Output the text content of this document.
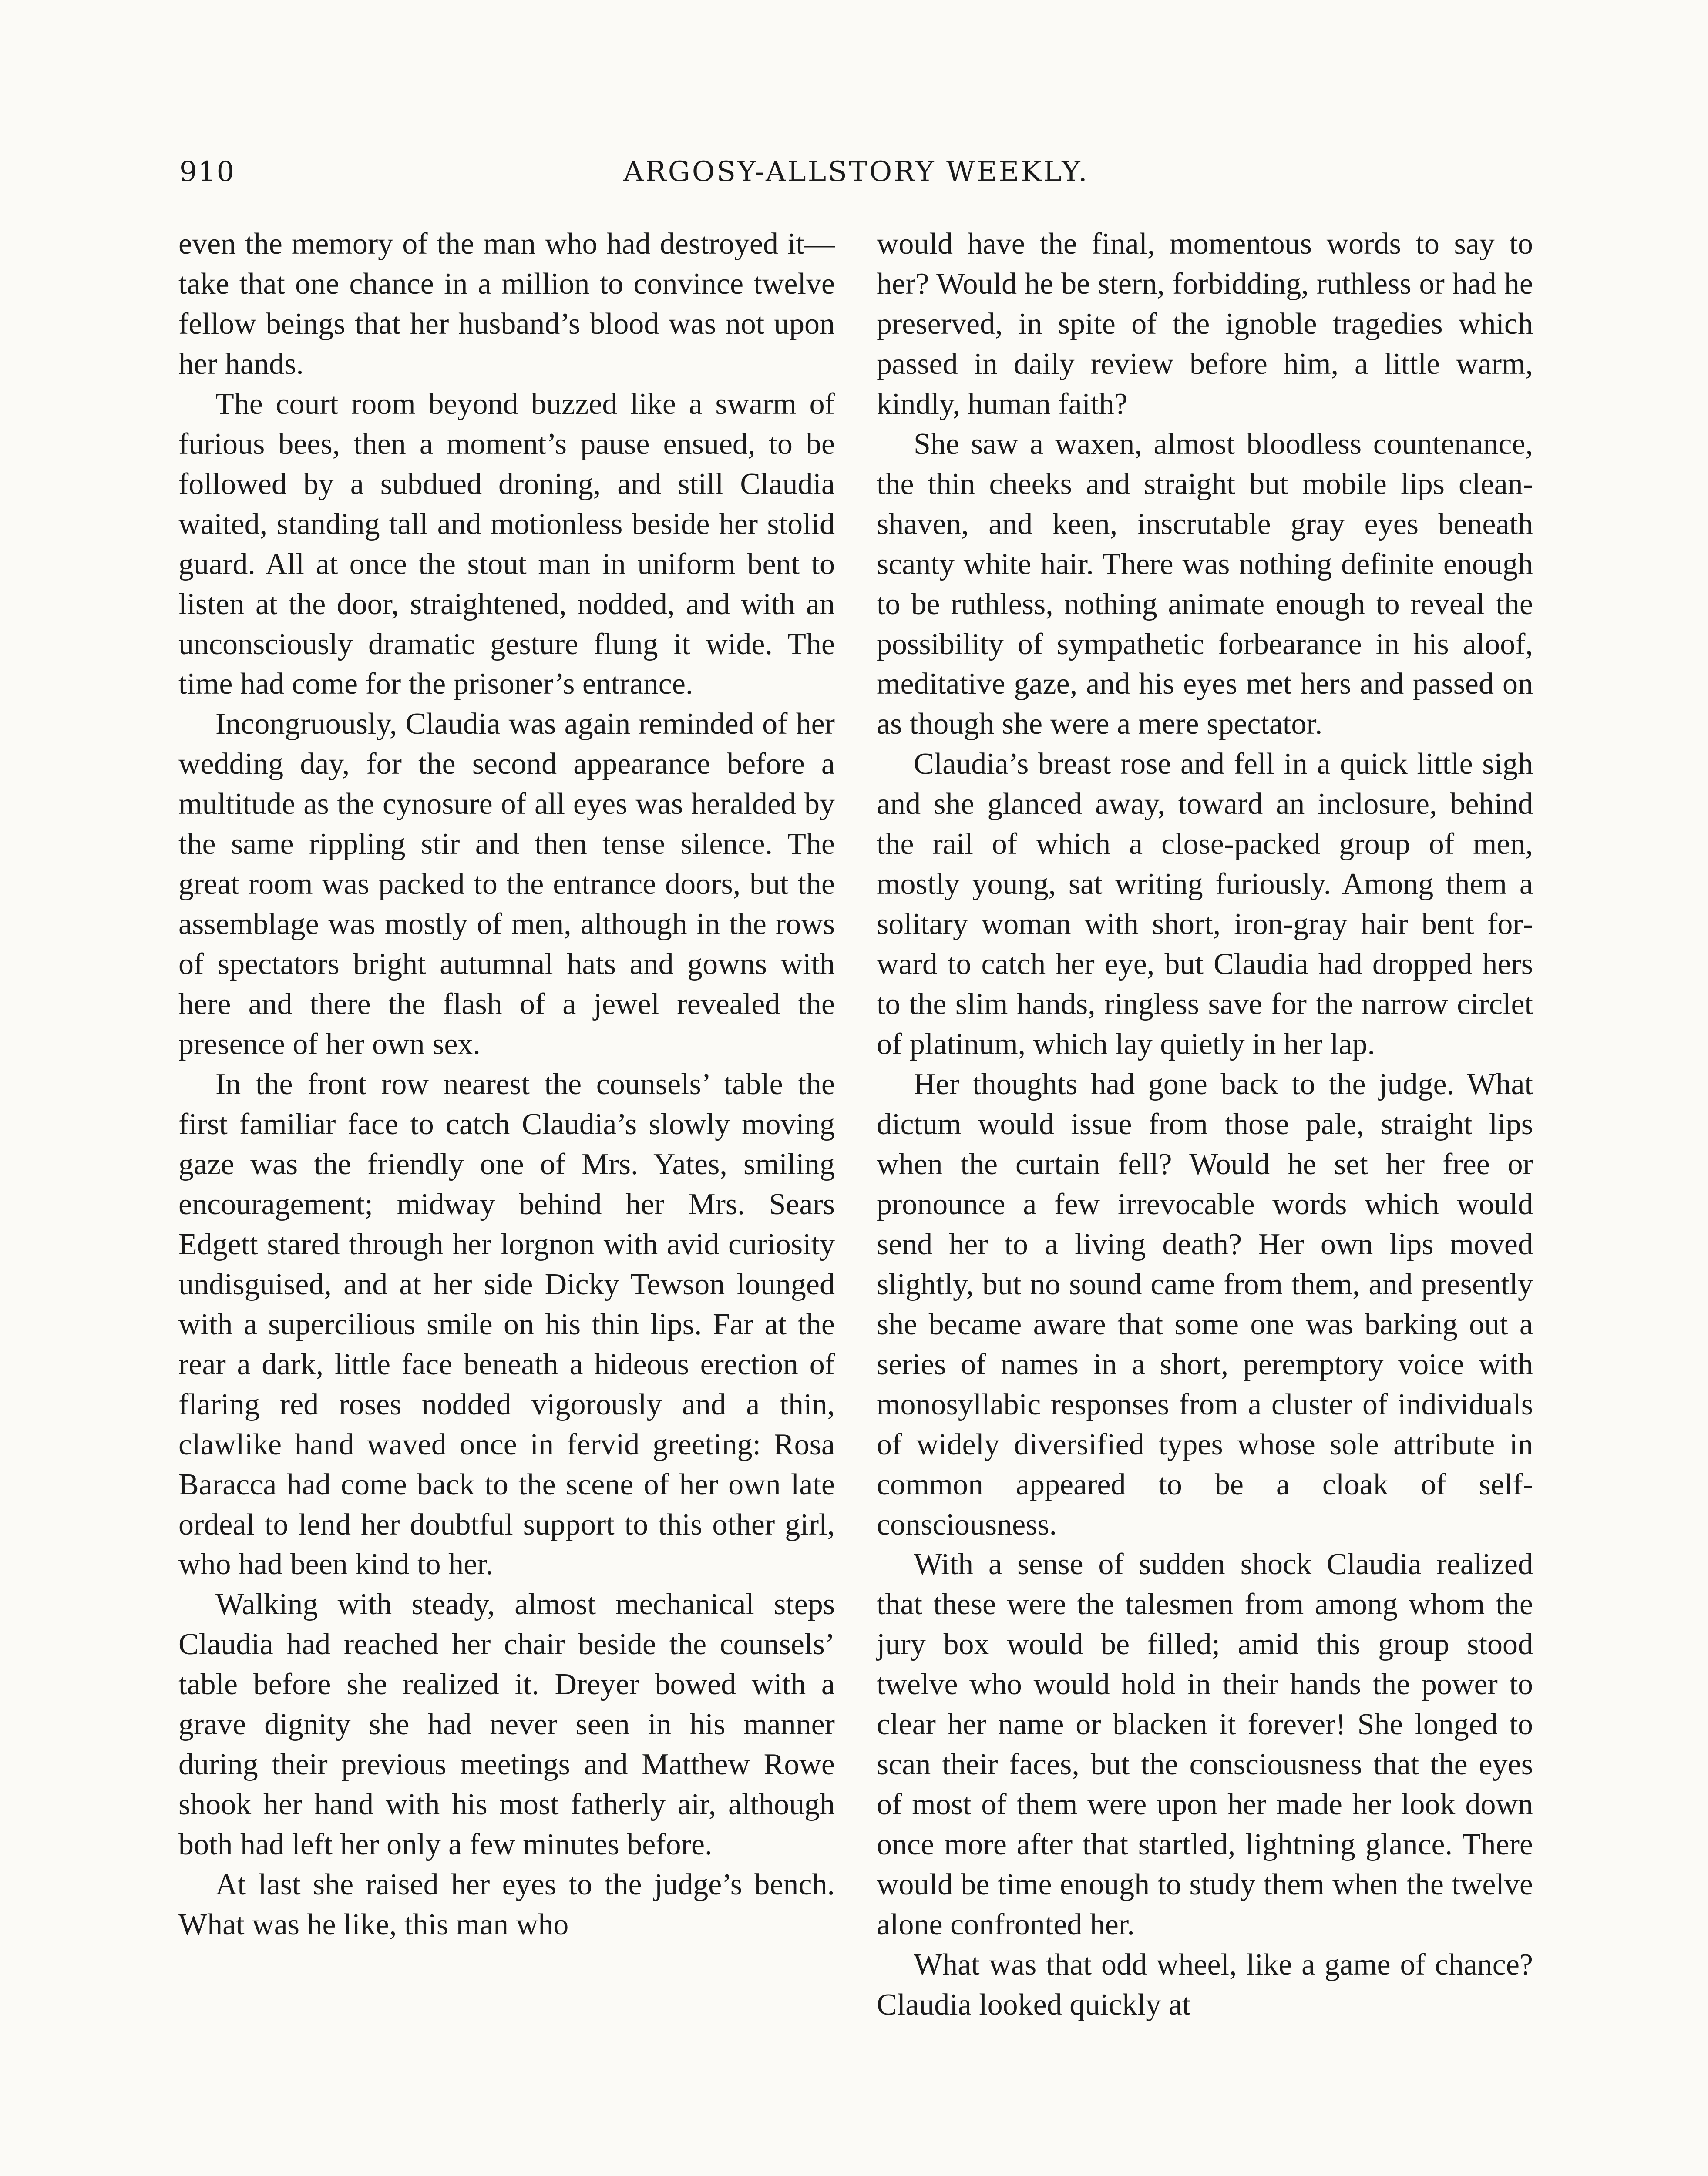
910	ARGOSY-ALLSTORY WEEKLY.

even the memory of the man who had destroyed it—take that one chance in a million to convince twelve fellow beings that her husband’s blood was not upon her hands.

The court room beyond buzzed like a swarm of furious bees, then a moment’s pause ensued, to be followed by a subdued droning, and still Claudia waited, standing tall and motionless beside her stolid guard. All at once the stout man in uniform bent to listen at the door, straightened, nodded, and with an unconsciously dramatic gesture flung it wide. The time had come for the prisoner’s entrance.

Incongruously, Claudia was again reminded of her wedding day, for the second appearance before a multitude as the cynosure of all eyes was heralded by the same rippling stir and then tense silence. The great room was packed to the entrance doors, but the assemblage was mostly of men, although in the rows of spectators bright autumnal hats and gowns with here and there the flash of a jewel revealed the presence of her own sex.

In the front row nearest the counsels’ table the first familiar face to catch Claudia’s slowly moving gaze was the friendly one of Mrs. Yates, smiling encouragement; midway behind her Mrs. Sears Edgett stared through her lorgnon with avid curiosity undisguised, and at her side Dicky Tewson lounged with a supercilious smile on his thin lips. Far at the rear a dark, little face beneath a hideous erection of flaring red roses nodded vigorously and a thin, clawlike hand waved once in fervid greeting: Rosa Baracca had come back to the scene of her own late ordeal to lend her doubtful support to this other girl, who had been kind to her.

Walking with steady, almost mechanical steps Claudia had reached her chair beside the counsels’ table before she realized it. Dreyer bowed with a grave dignity she had never seen in his manner during their previous meetings and Matthew Rowe shook her hand with his most fatherly air, although both had left her only a few minutes before.

At last she raised her eyes to the judge’s bench. What was he like, this man who

would have the final, momentous words to say to her? Would he be stern, forbidding, ruthless or had he preserved, in spite of the ignoble tragedies which passed in daily review before him, a little warm, kindly, human faith?

She saw a waxen, almost bloodless countenance, the thin cheeks and straight but mobile lips clean-shaven, and keen, inscrutable gray eyes beneath scanty white hair. There was nothing definite enough to be ruthless, nothing animate enough to reveal the possibility of sympathetic forbearance in his aloof, meditative gaze, and his eyes met hers and passed on as though she were a mere spectator.

Claudia’s breast rose and fell in a quick little sigh and she glanced away, toward an inclosure, behind the rail of which a close-packed group of men, mostly young, sat writing furiously. Among them a solitary woman with short, iron-gray hair bent forward to catch her eye, but Claudia had dropped hers to the slim hands, ringless save for the narrow circlet of platinum, which lay quietly in her lap.

Her thoughts had gone back to the judge. What dictum would issue from those pale, straight lips when the curtain fell? Would he set her free or pronounce a few irrevocable words which would send her to a living death? Her own lips moved slightly, but no sound came from them, and presently she became aware that some one was barking out a series of names in a short, peremptory voice with monosyllabic responses from a cluster of individuals of widely diversified types whose sole attribute in common appeared to be a cloak of self-consciousness.

With a sense of sudden shock Claudia realized that these were the talesmen from among whom the jury box would be filled; amid this group stood twelve who would hold in their hands the power to clear her name or blacken it forever! She longed to scan their faces, but the consciousness that the eyes of most of them were upon her made her look down once more after that startled, lightning glance. There would be time enough to study them when the twelve alone confronted her.

What was that odd wheel, like a game of chance? Claudia looked quickly at
